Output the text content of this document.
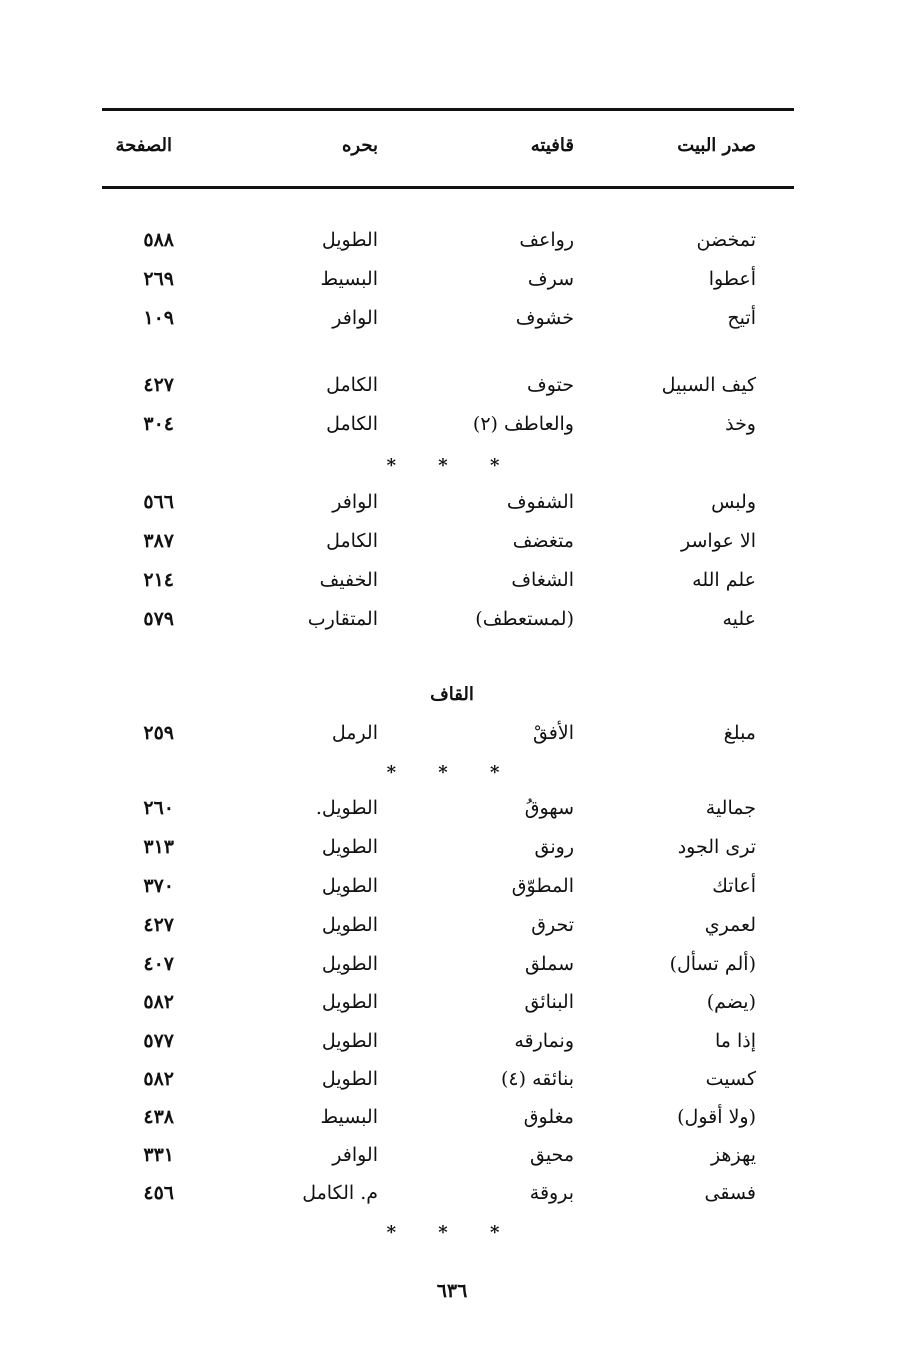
صدر البيت
قافيته
بحره
الصفحة
تمخضن
رواعف
الطويل
٥٨٨
أعطوا
سرف
البسيط
٢٦٩
أتيح
خشوف
الوافر
١٠٩
كيف السبيل
حتوف
الكامل
٤٢٧
وخذ
والعاطف (٢)
الكامل
٣٠٤
* * *
ولبس
الشفوف
الوافر
٥٦٦
الا عواسر
متغضف
الكامل
٣٨٧
علم الله
الشغاف
الخفيف
٢١٤
عليه
(لمستعطف)
المتقارب
٥٧٩
القاف
مبلغ
الأفقْ
الرمل
٢٥٩
* * *
جمالية
سهوقُ
الطويل.
٢٦٠
ترى الجود
رونق
الطويل
٣١٣
أعاتك
المطوّق
الطويل
٣٧٠
لعمري
تحرق
الطويل
٤٢٧
(ألم تسأل)
سملق
الطويل
٤٠٧
(يضم)
البنائق
الطويل
٥٨٢
إذا ما
ونمارقه
الطويل
٥٧٧
كسيت
بنائقه (٤)
الطويل
٥٨٢
(ولا أقول)
مغلوق
البسيط
٤٣٨
يهزهز
محيق
الوافر
٣٣١
فسقى
بروقة
م. الكامل
٤٥٦
* * *
٦٣٦
